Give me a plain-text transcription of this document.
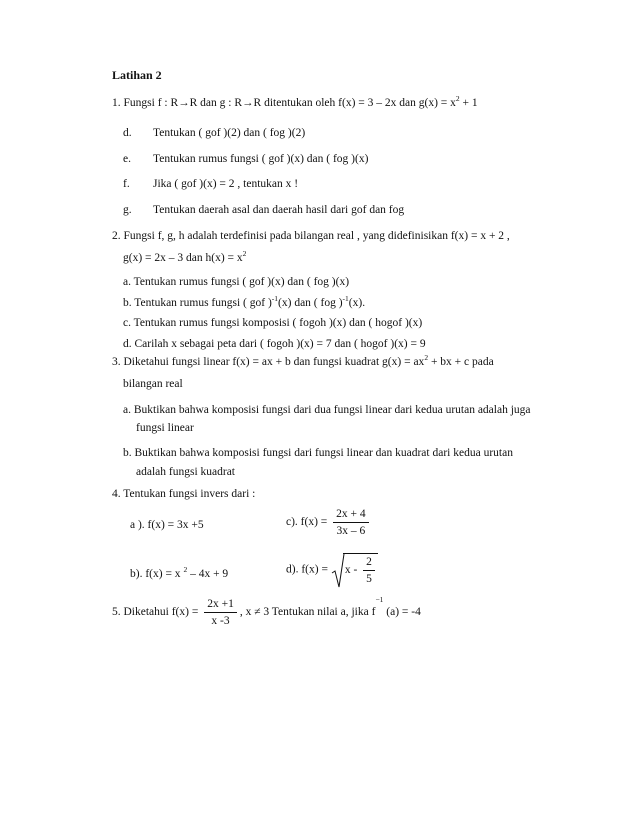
Latihan 2
1. Fungsi f : R→R dan g : R→R ditentukan oleh f(x) = 3 – 2x dan $g(x) = x^2 + 1$
d. Tentukan ( gof )(2) dan ( fog )(2)
e. Tentukan rumus fungsi ( gof )(x) dan ( fog )(x)
f. Jika ( gof )(x) = 2 , tentukan x !
g. Tentukan daerah asal dan daerah hasil dari gof dan fog
2. Fungsi f, g, h adalah terdefinisi pada bilangan real , yang didefinisikan f(x) = x + 2 ,
g(x) = 2x – 3 dan $h(x) = x^2$
a. Tentukan rumus fungsi ( gof )(x) dan ( fog )(x)
b. Tentukan rumus fungsi ( gof )$^{-1}$(x) dan ( fog )$^{-1}$(x).
c. Tentukan rumus fungsi komposisi ( fogoh )(x) dan ( hogof )(x)
d. Carilah x sebagai peta dari ( fogoh )(x) = 7 dan ( hogof )(x) = 9
3. Diketahui fungsi linear f(x) = ax + b dan fungsi kuadrat $g(x) = ax^2$ + bx + c pada
bilangan real
a. Buktikan bahwa komposisi fungsi dari dua fungsi linear dari kedua urutan adalah juga
fungsi linear
b. Buktikan bahwa komposisi fungsi dari fungsi linear dan kuadrat dari kedua urutan
adalah fungsi kuadrat
4. Tentukan fungsi invers dari :
a ). f(x) = 3x +5	c). $f(x) = \frac{2x + 4}{3x - 6}$
b). f(x) = x $^2$ – 4x + 9	d). $f(x) = x - \frac{2}{5}$
5. Diketahui $f(x) = \frac{2x +1}{x -3}$ , x ≠ 3 Tentukan nilai a, jika $f^{-1}$ (a) = -4
